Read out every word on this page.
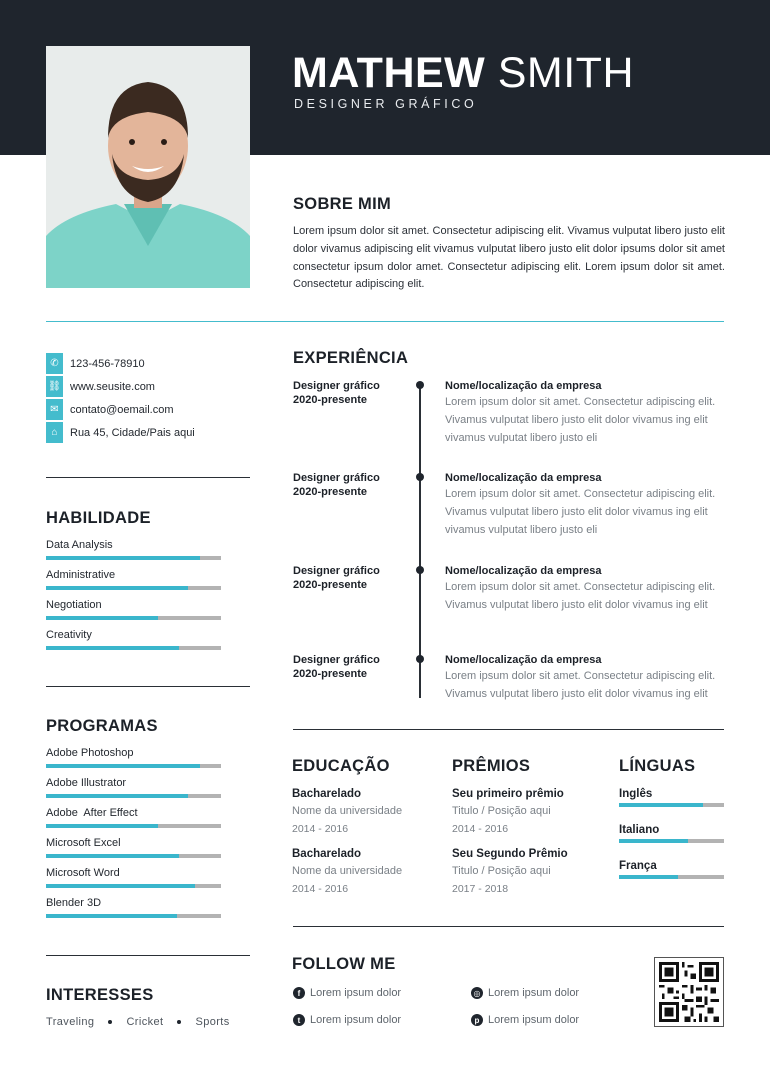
MATHEW SMITH
DESIGNER GRÁFICO
SOBRE MIM
Lorem ipsum dolor sit amet. Consectetur adipiscing elit. Vivamus vulputat libero justo elit dolor vivamus adipiscing elit vivamus vulputat libero justo elit dolor ipsums dolor sit amet consectetur ipsum dolor amet. Consectetur adipiscing elit. Lorem ipsum dolor sit amet. Consectetur adipiscing elit.
✆	123-456-78910
⛓ www.seusite.com
✉	contato@oemail.com
⌂	Rua 45, Cidade/Pais aqui
HABILIDADE
Data Analysis
Administrative
Negotiation
Creativity
PROGRAMAS
Adobe Photoshop
Adobe Illustrator
Adobe  After Effect
Microsoft Excel
Microsoft Word
Blender 3D
INTERESSES
Traveling	Cricket	Sports
EXPERIÊNCIA
Designer gráfico
2020-presente
Nome/localização da empresa
Lorem ipsum dolor sit amet. Consectetur adipiscing elit. Vivamus vulputat libero justo elit dolor vivamus ing elit vivamus vulputat libero justo eli
Designer gráfico
2020-presente
Nome/localização da empresa
Lorem ipsum dolor sit amet. Consectetur adipiscing elit. Vivamus vulputat libero justo elit dolor vivamus ing elit vivamus vulputat libero justo eli
Designer gráfico
2020-presente
Nome/localização da empresa
Lorem ipsum dolor sit amet. Consectetur adipiscing elit. Vivamus vulputat libero justo elit dolor vivamus ing elit
Designer gráfico
2020-presente
Nome/localização da empresa
Lorem ipsum dolor sit amet. Consectetur adipiscing elit. Vivamus vulputat libero justo elit dolor vivamus ing elit
EDUCAÇÃO
Bacharelado
Nome da universidade
2014 - 2016
Bacharelado
Nome da universidade
2014 - 2016
PRÊMIOS
Seu primeiro prêmio
Titulo / Posição aqui
2014 - 2016
Seu Segundo Prêmio
Titulo / Posição aqui
2017 - 2018
LÍNGUAS
Inglês
Italiano
França
FOLLOW ME
f Lorem ipsum dolor	◎ Lorem ipsum dolor
t Lorem ipsum dolor	p Lorem ipsum dolor
